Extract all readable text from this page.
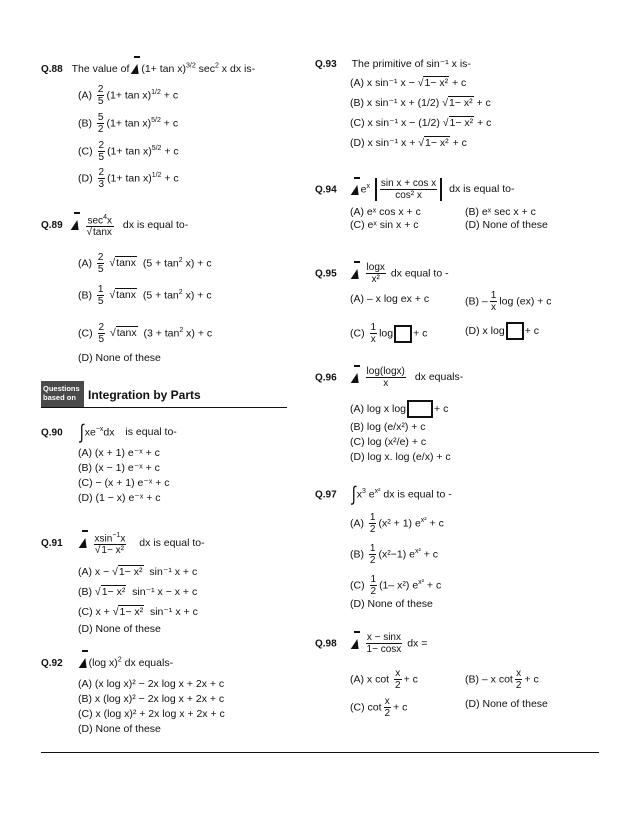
Q.88 The value of $(1+ \tan x)^{3/2}$ $\sec^2 x$ dx is-
$(A) \frac{2}{5} (1+ \tan x)^{1/2} + c$
$(B) \frac{5}{2} (1+ \tan x)^{5/2} + c$
$(C) \frac{2}{5} (1+ \tan x)^{5/2} + c$
$(D) \frac{2}{3} (1+ \tan x)^{1/2} + c$
Q.89 $\sec^4x$
√ tanx dx is equal to-
$(A) \frac{2}{5}$ √ tanx $(5 + \tan^2 x) + c$
$(B) \frac{1}{5}$ √ tanx $(5 + \tan^2 x) + c$
$(C) \frac{2}{5}$ √ tanx $(3 + \tan^2 x) + c$
(D) None of these
Questions
based on	Integration by Parts
Q.90 $\int xe^{-x}dx$ is equal to-
(A) (x + 1) e⁻ˣ + c
(B) (x − 1) e⁻ˣ + c
(C) − (x + 1) e⁻ˣ + c
(D) (1 − x) e⁻ˣ + c
Q.91	xsin$^{-1}$x
√ 1− x² dx is equal to-
(A) x − √ 1− x² sin⁻¹ x + c
(B) √ 1− x² sin⁻¹ x − x + c
(C) x + √ 1− x² sin⁻¹ x + c
(D) None of these
Q.92 (log x)$^2$ dx equals-
(A) (x log x)² − 2x log x + 2x + c
(B) x (log x)² − 2x log x + 2x + c
(C) x (log x)² + 2x log x + 2x + c
(D) None of these
Q.93 The primitive of sin⁻¹ x is-
(A) x sin⁻¹ x − √ 1− x² + c
(B) x sin⁻¹ x + (1/2) √ 1− x² + c
(C) x sin⁻¹ x − (1/2) √ 1− x² + c
(D) x sin⁻¹ x + √ 1− x² + c
Q.94 $e^x \frac{\text{sin x + cos x}}{\text{cos² x}}$ dx is equal to-
(A) eˣ cos x + c	(B) eˣ sec x + c
(C) eˣ sin x + c	(D) None of these
Q.95	$\frac{\log x}{\text{x²}}$ dx equal to -
(A) – x log ex + c	$(B) - \frac{1}{x}$ log (ex) + c
$(C) \frac{1}{x}$ log + c	(D) x log + c
Q.96	$\frac{\log(\log x)}{x}$ dx equals-
(A) log x log	+ c
(B) log (e/x²) + c
(C) log (x²/e) + c
(D) log x. log (e/x) + c
Q.97 $\int x^3$ $e^{x^2}$ dx is equal to -
$(A) \frac{1}{2} (x^2 + 1) e^{x^2} + c$
$(B) \frac{1}{2} (x^2-1) e^{x^2} + c$
$(C) \frac{1}{2} (1-$ x²) $e^{x^2} + c$
(D) None of these
Q.98	$\frac{x - \sin x}{1- \cos x}$ dx =
(A) x $\cot \frac{x}{2} + c$	(B) – x $\cot \frac{x}{2} + c$
(C) $\cot \frac{x}{2} + c$	(D) None of these
